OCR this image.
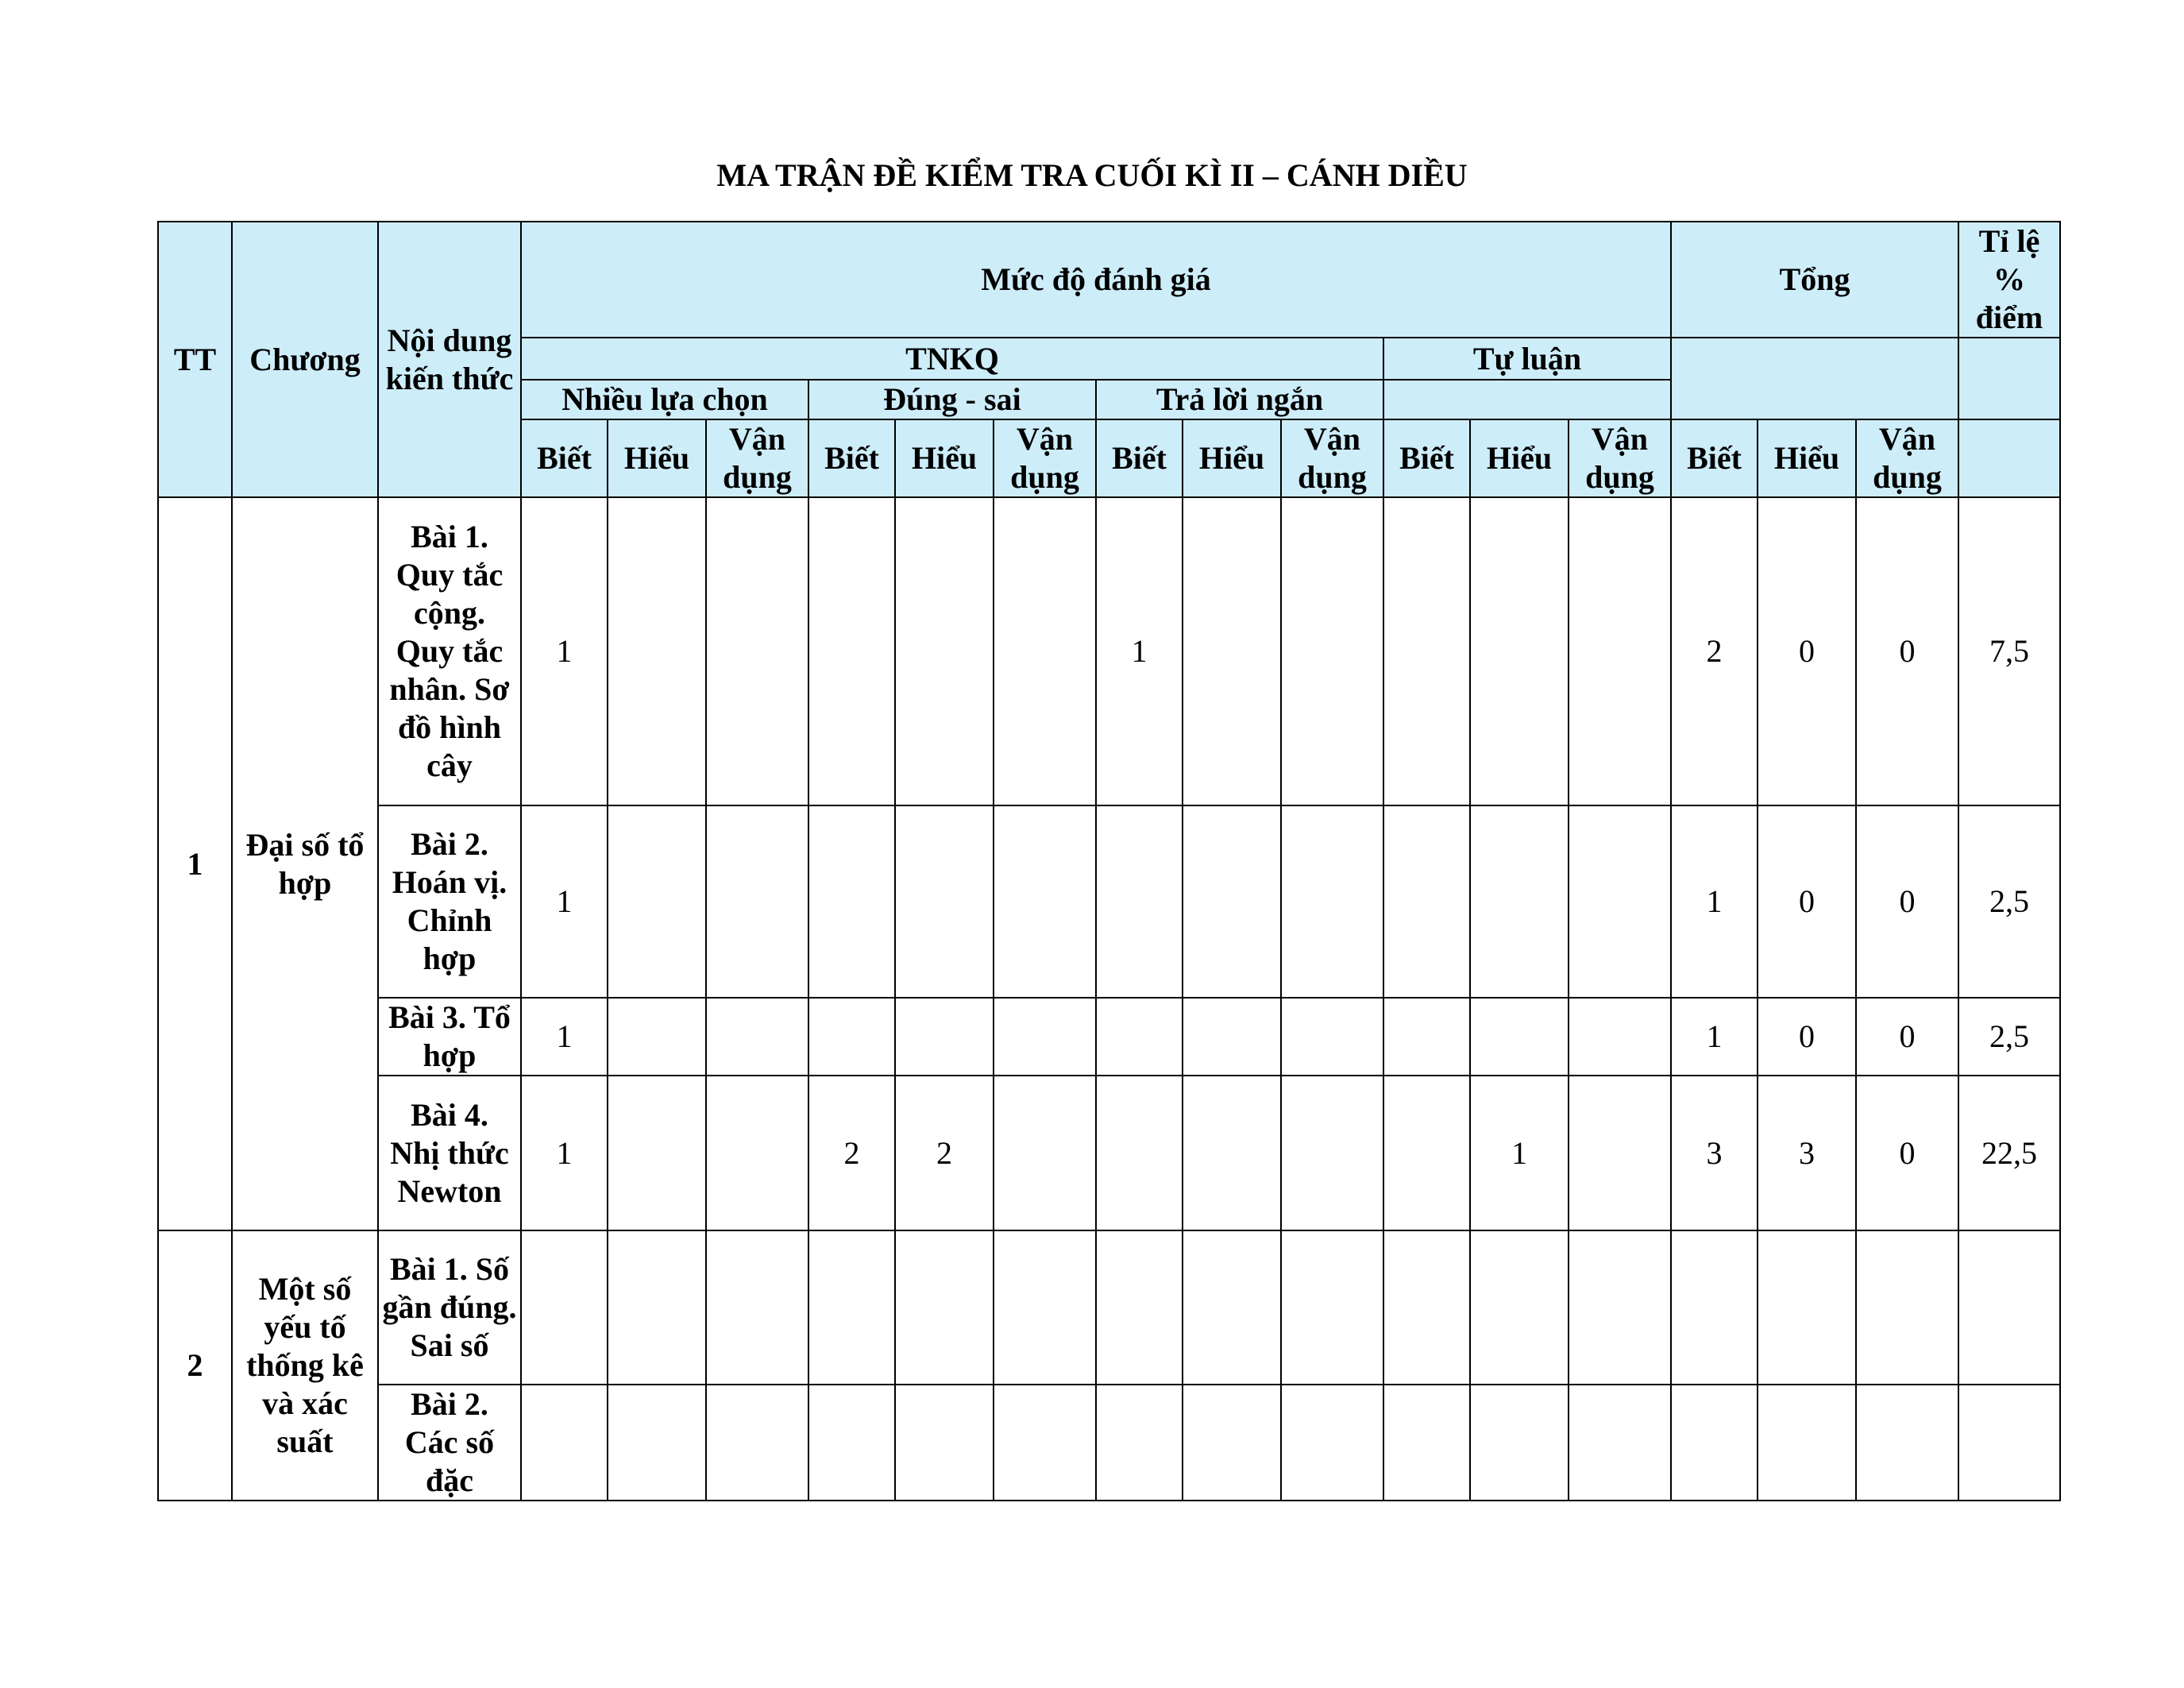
MA TRẬN ĐỀ KIỂM TRA CUỐI KÌ II – CÁNH DIỀU
TT	Chương	Nội dung kiến thức	Mức độ đánh giá												Tổng			Tỉ lệ % điểm
			TNKQ									Tự luận						
			Nhiều lựa chọn			Đúng - sai			Trả lời ngắn									
			Biết	Hiểu	Vận dụng	Biết	Hiểu	Vận dụng	Biết	Hiểu	Vận dụng	Biết	Hiểu	Vận dụng	Biết	Hiểu	Vận dụng	
1	Đại số tổ hợp	Bài 1. Quy tắc cộng. Quy tắc nhân. Sơ đồ hình cây	1						1						2	0	0	7,5
		Bài 2. Hoán vị. Chỉnh hợp	1												1	0	0	2,5
		Bài 3. Tổ hợp	1												1	0	0	2,5
		Bài 4. Nhị thức Newton	1			2	2						1		3	3	0	22,5
2	Một số yếu tố thống kê và xác suất	Bài 1. Số gần đúng. Sai số																
		Bài 2. Các số đặc																
